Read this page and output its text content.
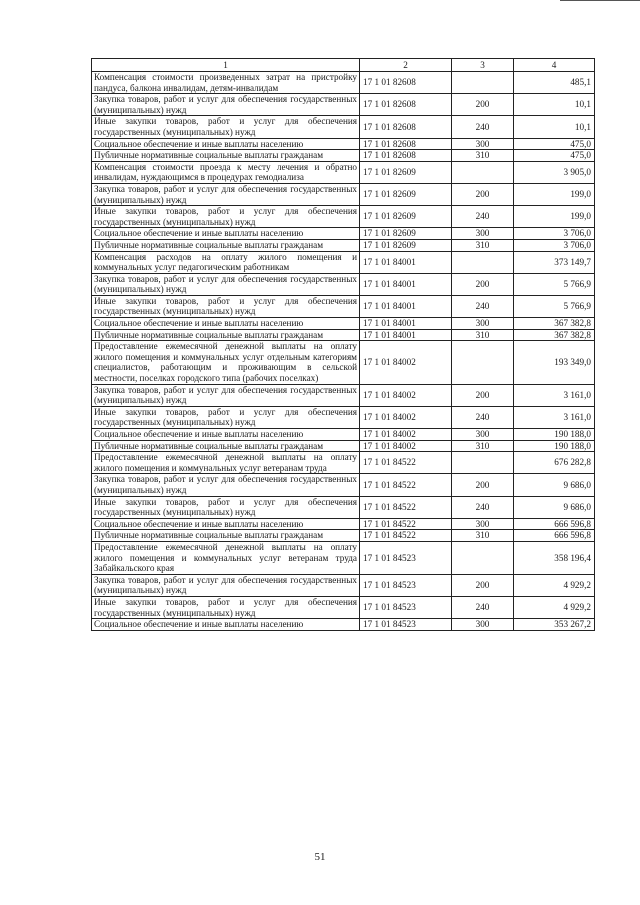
1	2	3	4
Компенсация стоимости произведенных затрат на пристройку пандуса, балкона инвалидам, детям-инвалидам	17 1 01 82608		485,1
Закупка товаров, работ и услуг для обеспечения государственных (муниципальных) нужд	17 1 01 82608	200	10,1
Иные закупки товаров, работ и услуг для обеспечения государственных (муниципальных) нужд	17 1 01 82608	240	10,1
Социальное обеспечение и иные выплаты населению	17 1 01 82608	300	475,0
Публичные нормативные социальные выплаты гражданам	17 1 01 82608	310	475,0
Компенсация стоимости проезда к месту лечения и обратно инвалидам, нуждающимся в процедурах гемодиализа	17 1 01 82609		3 905,0
Закупка товаров, работ и услуг для обеспечения государственных (муниципальных) нужд	17 1 01 82609	200	199,0
Иные закупки товаров, работ и услуг для обеспечения государственных (муниципальных) нужд	17 1 01 82609	240	199,0
Социальное обеспечение и иные выплаты населению	17 1 01 82609	300	3 706,0
Публичные нормативные социальные выплаты гражданам	17 1 01 82609	310	3 706,0
Компенсация расходов на оплату жилого помещения и коммунальных услуг педагогическим работникам	17 1 01 84001		373 149,7
Закупка товаров, работ и услуг для обеспечения государственных (муниципальных) нужд	17 1 01 84001	200	5 766,9
Иные закупки товаров, работ и услуг для обеспечения государственных (муниципальных) нужд	17 1 01 84001	240	5 766,9
Социальное обеспечение и иные выплаты населению	17 1 01 84001	300	367 382,8
Публичные нормативные социальные выплаты гражданам	17 1 01 84001	310	367 382,8
Предоставление ежемесячной денежной выплаты на оплату жилого помещения и коммунальных услуг отдельным категориям специалистов, работающим и проживающим в сельской местности, поселках городского типа (рабочих поселках)	17 1 01 84002		193 349,0
Закупка товаров, работ и услуг для обеспечения государственных (муниципальных) нужд	17 1 01 84002	200	3 161,0
Иные закупки товаров, работ и услуг для обеспечения государственных (муниципальных) нужд	17 1 01 84002	240	3 161,0
Социальное обеспечение и иные выплаты населению	17 1 01 84002	300	190 188,0
Публичные нормативные социальные выплаты гражданам	17 1 01 84002	310	190 188,0
Предоставление ежемесячной денежной выплаты на оплату жилого помещения и коммунальных услуг ветеранам труда	17 1 01 84522		676 282,8
Закупка товаров, работ и услуг для обеспечения государственных (муниципальных) нужд	17 1 01 84522	200	9 686,0
Иные закупки товаров, работ и услуг для обеспечения государственных (муниципальных) нужд	17 1 01 84522	240	9 686,0
Социальное обеспечение и иные выплаты населению	17 1 01 84522	300	666 596,8
Публичные нормативные социальные выплаты гражданам	17 1 01 84522	310	666 596,8
Предоставление ежемесячной денежной выплаты на оплату жилого помещения и коммунальных услуг ветеранам труда Забайкальского края	17 1 01 84523		358 196,4
Закупка товаров, работ и услуг для обеспечения государственных (муниципальных) нужд	17 1 01 84523	200	4 929,2
Иные закупки товаров, работ и услуг для обеспечения государственных (муниципальных) нужд	17 1 01 84523	240	4 929,2
Социальное обеспечение и иные выплаты населению	17 1 01 84523	300	353 267,2
51
